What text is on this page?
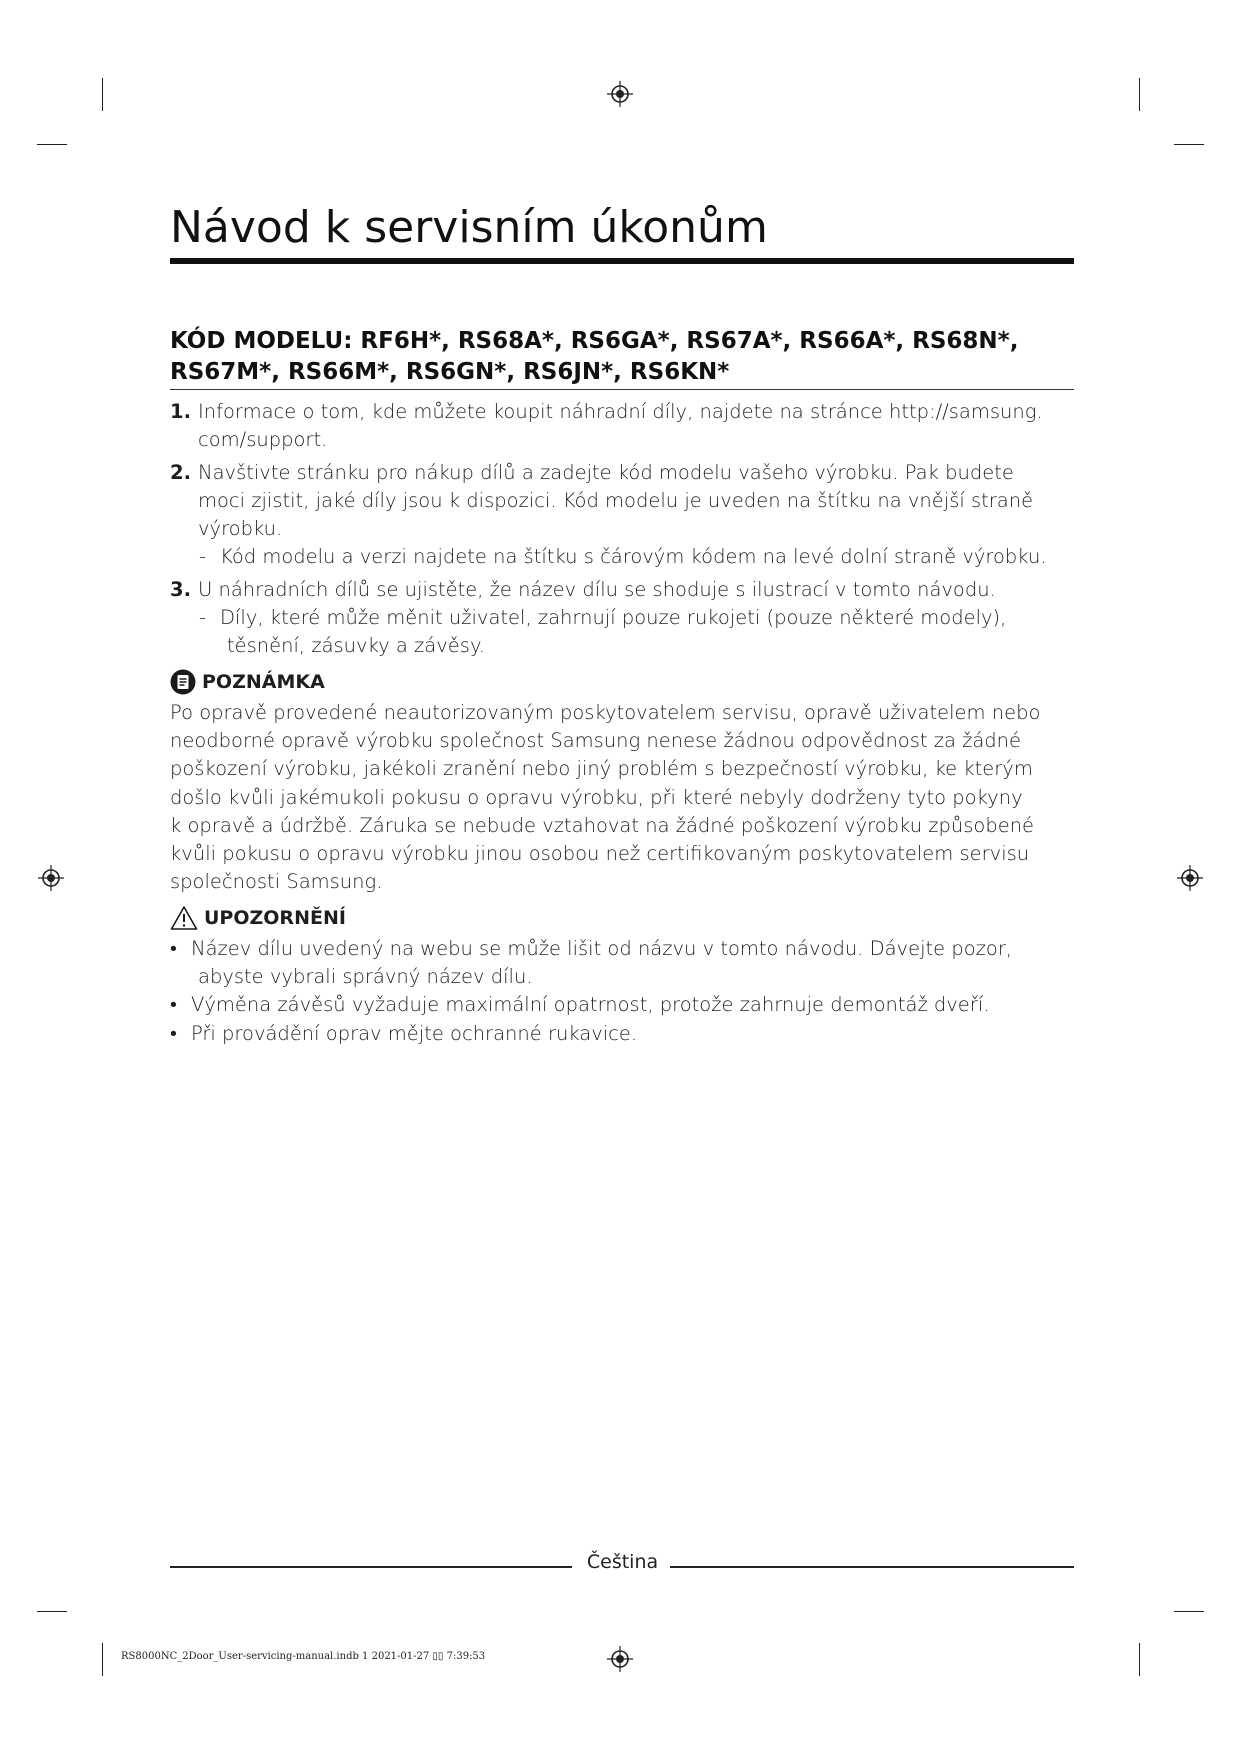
Návod k servisním úkonům
KÓD MODELU: RF6H*, RS68A*, RS6GA*, RS67A*, RS66A*, RS68N*, RS67M*, RS66M*, RS6GN*, RS6JN*, RS6KN*
1. Informace o tom, kde můžete koupit náhradní díly, najdete na stránce http://samsung.
com/support.
2. Navštivte stránku pro nákup dílů a zadejte kód modelu vašeho výrobku. Pak budete
moci zjistit, jaké díly jsou k dispozici. Kód modelu je uveden na štítku na vnější straně
výrobku.
- Kód modelu a verzi najdete na štítku s čárovým kódem na levé dolní straně výrobku.
3. U náhradních dílů se ujistěte, že název dílu se shoduje s ilustrací v tomto návodu.
- Díly, které může měnit uživatel, zahrnují pouze rukojeti (pouze některé modely),
těsnění, zásuvky a závěsy.
POZNÁMKA
Po opravě provedené neautorizovaným poskytovatelem servisu, opravě uživatelem nebo
neodborné opravě výrobku společnost Samsung nenese žádnou odpovědnost za žádné
poškození výrobku, jakékoli zranění nebo jiný problém s bezpečností výrobku, ke kterým
došlo kvůli jakémukoli pokusu o opravu výrobku, při které nebyly dodrženy tyto pokyny
k opravě a údržbě. Záruka se nebude vztahovat na žádné poškození výrobku způsobené
kvůli pokusu o opravu výrobku jinou osobou než certifikovaným poskytovatelem servisu
společnosti Samsung.
UPOZORNĚNÍ
• Název dílu uvedený na webu se může lišit od názvu v tomto návodu. Dávejte pozor,
abyste vybrali správný název dílu.
• Výměna závěsů vyžaduje maximální opatrnost, protože zahrnuje demontáž dveří.
• Při provádění oprav mějte ochranné rukavice.
Čeština
RS8000NC_2Door_User-servicing-manual.indb 1 2021-01-27 ▯▯ 7:39:53
